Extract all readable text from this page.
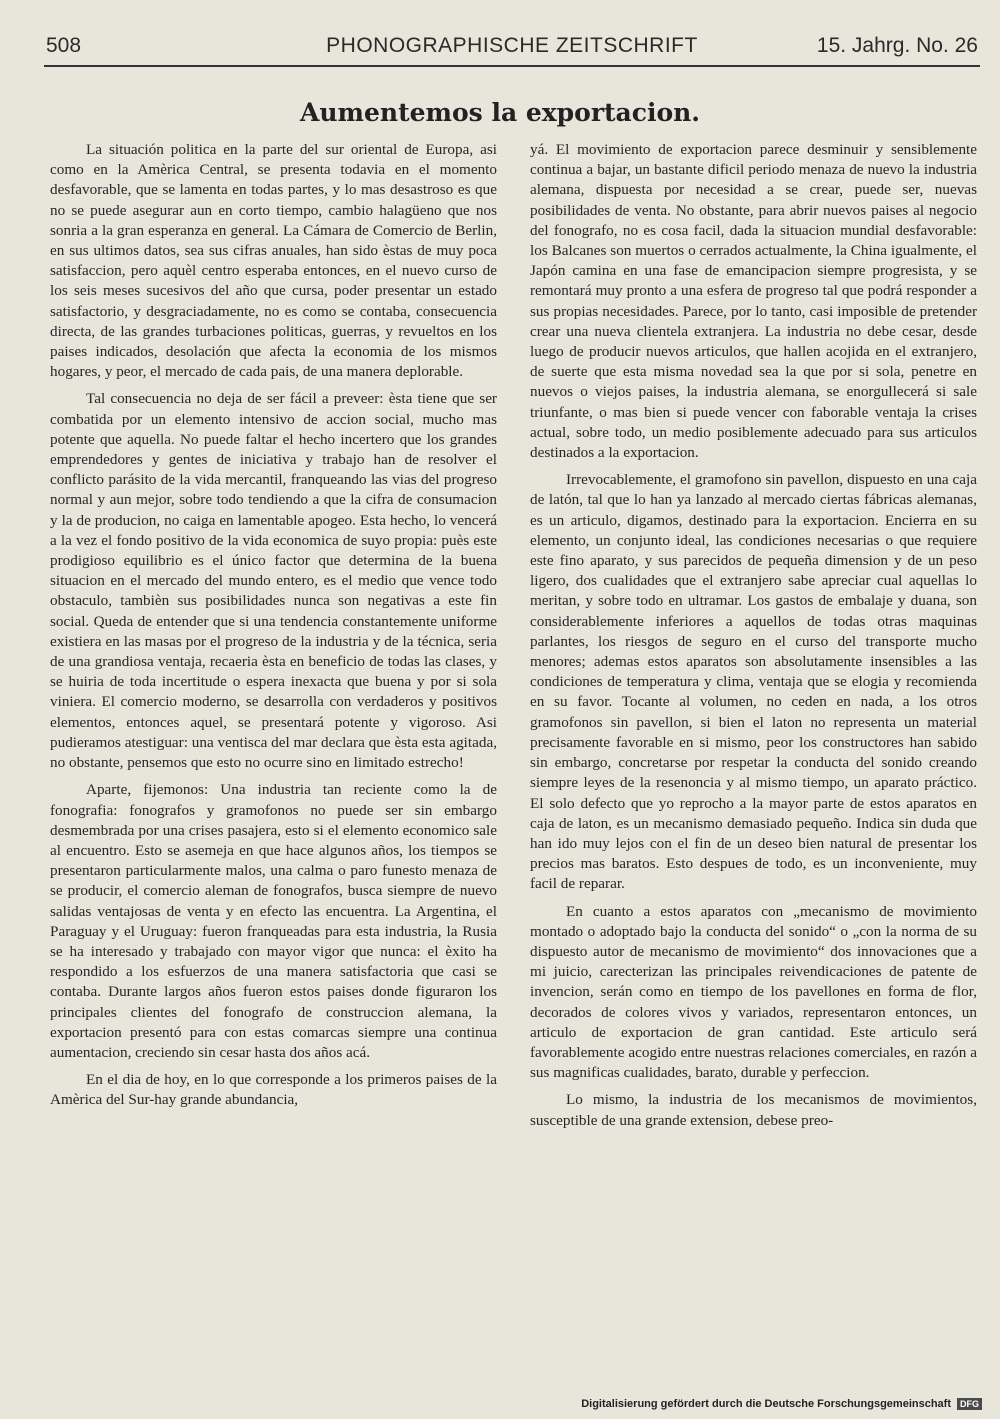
508	PHONOGRAPHISCHE ZEITSCHRIFT	15. Jahrg. No. 26
Aumentemos la exportacion.

La situación politica en la parte del sur oriental de Europa, asi como en la Amèrica Central, se presenta todavia en el momento desfavorable, que se lamenta en todas partes, y lo mas desastroso es que no se puede asegurar aun en corto tiempo, cambio halagüeno que nos sonria a la gran esperanza en general. La Cámara de Comercio de Berlin, en sus ultimos datos, sea sus cifras anuales, han sido èstas de muy poca satisfaccion, pero aquèl centro esperaba entonces, en el nuevo curso de los seis meses sucesivos del año que cursa, poder presentar un estado satisfactorio, y desgraciadamente, no es como se contaba, consecuencia directa, de las grandes turbaciones politicas, guerras, y revueltos en los paises indicados, desolación que afecta la economia de los mismos hogares, y peor, el mercado de cada pais, de una manera deplorable.

Tal consecuencia no deja de ser fácil a preveer: èsta tiene que ser combatida por un elemento intensivo de accion social, mucho mas potente que aquella. No puede faltar el hecho incertero que los grandes emprendedores y gentes de iniciativa y trabajo han de resolver el conflicto parásito de la vida mercantil, franqueando las vias del progreso normal y aun mejor, sobre todo tendiendo a que la cifra de consumacion y la de producion, no caiga en lamentable apogeo. Esta hecho, lo vencerá a la vez el fondo positivo de la vida economica de suyo propia: puès este prodigioso equilibrio es el único factor que determina de la buena situacion en el mercado del mundo entero, es el medio que vence todo obstaculo, tambièn sus posibilidades nunca son negativas a este fin social. Queda de entender que si una tendencia constantemente uniforme existiera en las masas por el progreso de la industria y de la técnica, seria de una grandiosa ventaja, recaeria èsta en beneficio de todas las clases, y se huiria de toda incertitude o espera inexacta que buena y por si sola viniera. El comercio moderno, se desarrolla con verdaderos y positivos elementos, entonces aquel, se presentará potente y vigoroso. Asi pudieramos atestiguar: una ventisca del mar declara que èsta esta agitada, no obstante, pensemos que esto no ocurre sino en limitado estrecho!

Aparte, fijemonos: Una industria tan reciente como la de fonografia: fonografos y gramofonos no puede ser sin embargo desmembrada por una crises pasajera, esto si el elemento economico sale al encuentro. Esto se asemeja en que hace algunos años, los tiempos se presentaron particularmente malos, una calma o paro funesto menaza de se producir, el comercio aleman de fonografos, busca siempre de nuevo salidas ventajosas de venta y en efecto las encuentra. La Argentina, el Paraguay y el Uruguay: fueron franqueadas para esta industria, la Rusia se ha interesado y trabajado con mayor vigor que nunca: el èxito ha respondido a los esfuerzos de una manera satisfactoria que casi se contaba. Durante largos años fueron estos paises donde figuraron los principales clientes del fonografo de construccion alemana, la exportacion presentó para con estas comarcas siempre una continua aumentacion, creciendo sin cesar hasta dos años acá.

En el dia de hoy, en lo que corresponde a los primeros paises de la Amèrica del Sur-hay grande abundancia,

yá. El movimiento de exportacion parece desminuir y sensiblemente continua a bajar, un bastante dificil periodo menaza de nuevo la industria alemana, dispuesta por necesidad a se crear, puede ser, nuevas posibilidades de venta. No obstante, para abrir nuevos paises al negocio del fonografo, no es cosa facil, dada la situacion mundial desfavorable: los Balcanes son muertos o cerrados actualmente, la China igualmente, el Japón camina en una fase de emancipacion siempre progresista, y se remontará muy pronto a una esfera de progreso tal que podrá responder a sus propias necesidades. Parece, por lo tanto, casi imposible de pretender crear una nueva clientela extranjera. La industria no debe cesar, desde luego de producir nuevos articulos, que hallen acojida en el extranjero, de suerte que esta misma novedad sea la que por si sola, penetre en nuevos o viejos paises, la industria alemana, se enorgullecerá si sale triunfante, o mas bien si puede vencer con faborable ventaja la crises actual, sobre todo, un medio posiblemente adecuado para sus articulos destinados a la exportacion.

Irrevocablemente, el gramofono sin pavellon, dispuesto en una caja de latón, tal que lo han ya lanzado al mercado ciertas fábricas alemanas, es un articulo, digamos, destinado para la exportacion. Encierra en su elemento, un conjunto ideal, las condiciones necesarias o que requiere este fino aparato, y sus parecidos de pequeña dimension y de un peso ligero, dos cualidades que el extranjero sabe apreciar cual aquellas lo meritan, y sobre todo en ultramar. Los gastos de embalaje y duana, son considerablemente inferiores a aquellos de todas otras maquinas parlantes, los riesgos de seguro en el curso del transporte mucho menores; ademas estos aparatos son absolutamente insensibles a las condiciones de temperatura y clima, ventaja que se elogia y recomienda en su favor. Tocante al volumen, no ceden en nada, a los otros gramofonos sin pavellon, si bien el laton no representa un material precisamente favorable en si mismo, peor los constructores han sabido sin embargo, concretarse por respetar la conducta del sonido creando siempre leyes de la resenoncia y al mismo tiempo, un aparato práctico. El solo defecto que yo reprocho a la mayor parte de estos aparatos en caja de laton, es un mecanismo demasiado pequeño. Indica sin duda que han ido muy lejos con el fin de un deseo bien natural de presentar los precios mas baratos. Esto despues de todo, es un inconveniente, muy facil de reparar.

En cuanto a estos aparatos con „mecanismo de movimiento montado o adoptado bajo la conducta del sonido“ o „con la norma de su dispuesto autor de mecanismo de movimiento“ dos innovaciones que a mi juicio, carecterizan las principales reivendicaciones de patente de invencion, serán como en tiempo de los pavellones en forma de flor, decorados de colores vivos y variados, representaron entonces, un articulo de exportacion de gran cantidad. Este articulo será favorablemente acogido entre nuestras relaciones comerciales, en razón a sus magnificas cualidades, barato, durable y perfeccion.

Lo mismo, la industria de los mecanismos de movimientos, susceptible de una grande extension, debese preo-

Digitalisierung gefördert durch die Deutsche Forschungsgemeinschaft	DFG
